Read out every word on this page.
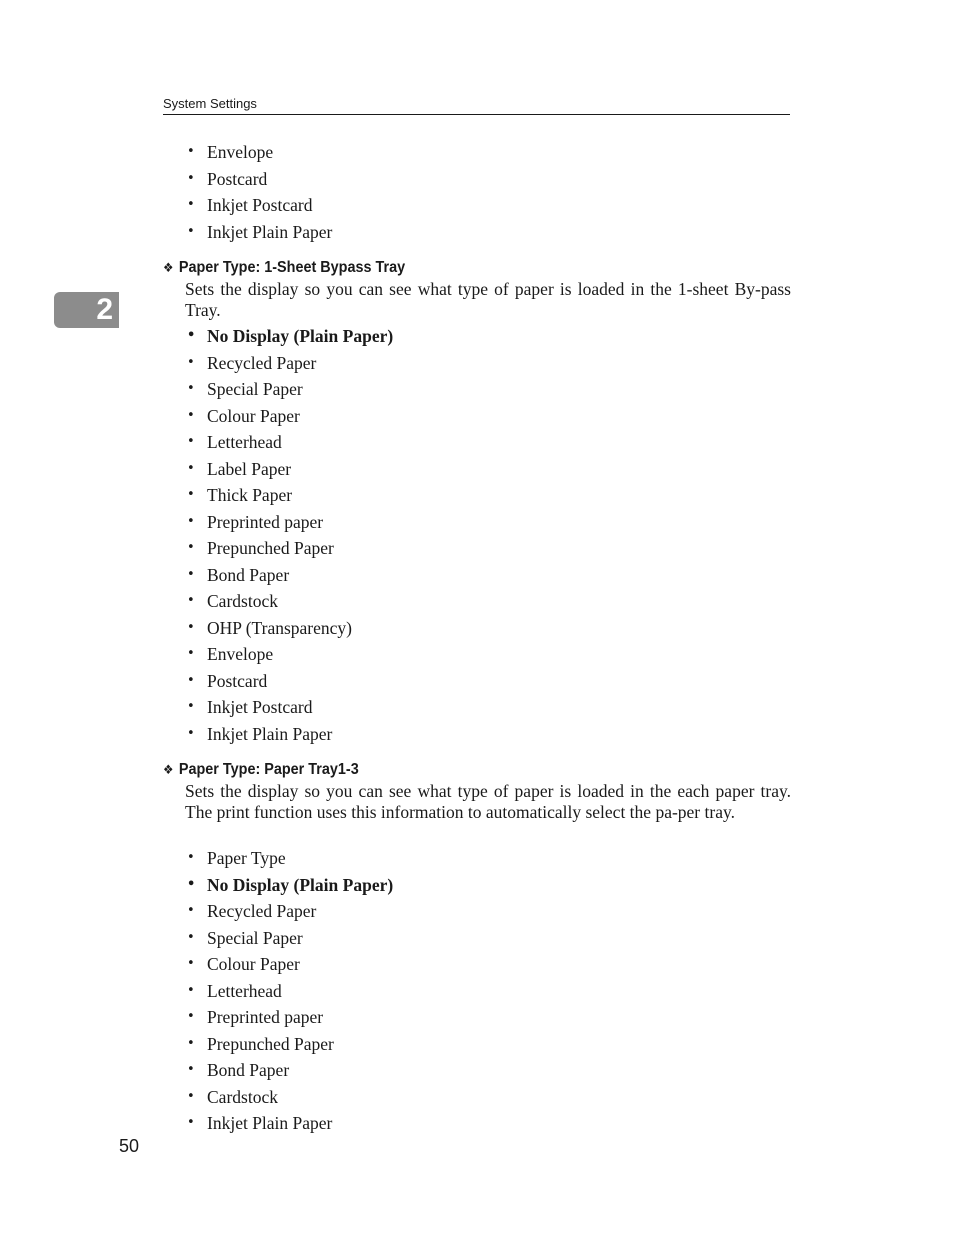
System Settings
2
• Envelope
• Postcard
• Inkjet Postcard
• Inkjet Plain Paper
❖ Paper Type: 1-Sheet Bypass Tray

Sets the display so you can see what type of paper is loaded in the 1-sheet By-pass Tray.

• No Display (Plain Paper)
• Recycled Paper
• Special Paper
• Colour Paper
• Letterhead
• Label Paper
• Thick Paper
• Preprinted paper
• Prepunched Paper
• Bond Paper
• Cardstock
• OHP (Transparency)
• Envelope
• Postcard
• Inkjet Postcard
• Inkjet Plain Paper
❖ Paper Type: Paper Tray1-3

Sets the display so you can see what type of paper is loaded in the each paper tray. The print function uses this information to automatically select the pa-per tray.

• Paper Type
• No Display (Plain Paper)
• Recycled Paper
• Special Paper
• Colour Paper
• Letterhead
• Preprinted paper
• Prepunched Paper
• Bond Paper
• Cardstock
• Inkjet Plain Paper
50
